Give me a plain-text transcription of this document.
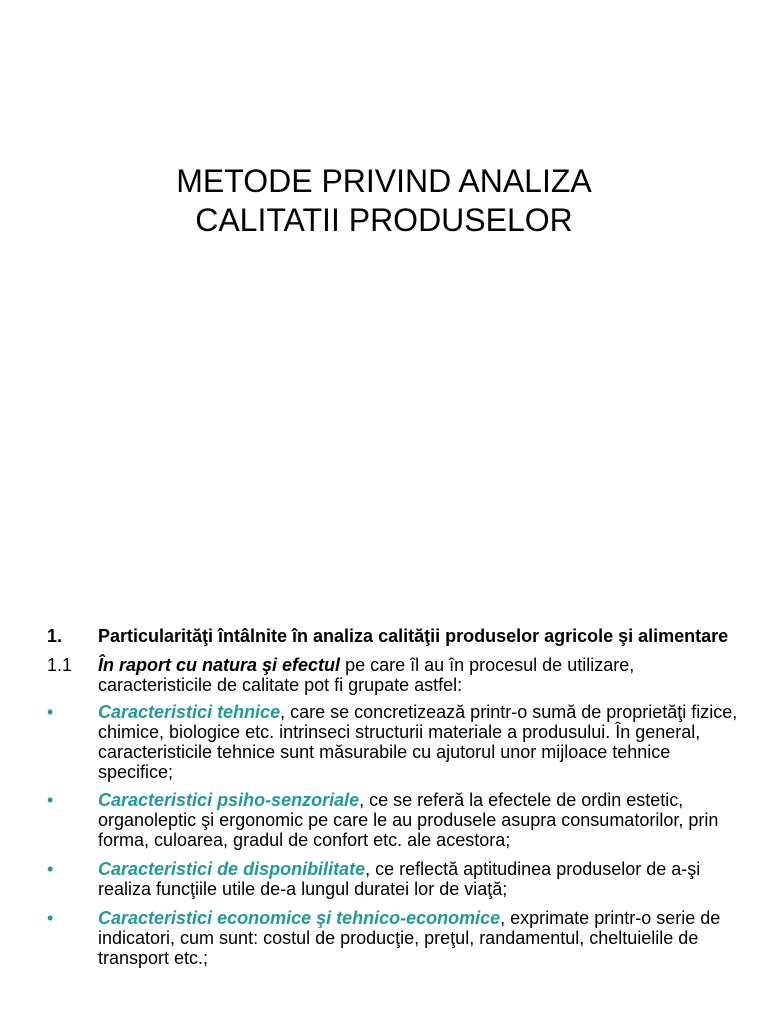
METODE PRIVIND ANALIZA
CALITATII PRODUSELOR
1. Particularităţi întâlnite în analiza calităţii produselor agricole şi alimentare
1.1 În raport cu natura şi efectul pe care îl au în procesul de utilizare, caracteristicile de calitate pot fi grupate astfel:
• Caracteristici tehnice, care se concretizează printr-o sumă de proprietăţi fizice, chimice, biologice etc. intrinseci structurii materiale a produsului. În general, caracteristicile tehnice sunt măsurabile cu ajutorul unor mijloace tehnice specifice;
• Caracteristici psiho-senzoriale, ce se referă la efectele de ordin estetic, organoleptic şi ergonomic pe care le au produsele asupra consumatorilor, prin forma, culoarea, gradul de confort etc. ale acestora;
• Caracteristici de disponibilitate, ce reflectă aptitudinea produselor de a-şi realiza funcţiile utile de-a lungul duratei lor de viaţă;
• Caracteristici economice şi tehnico-economice, exprimate printr-o serie de indicatori, cum sunt: costul de producţie, preţul, randamentul, cheltuielile de transport etc.;
